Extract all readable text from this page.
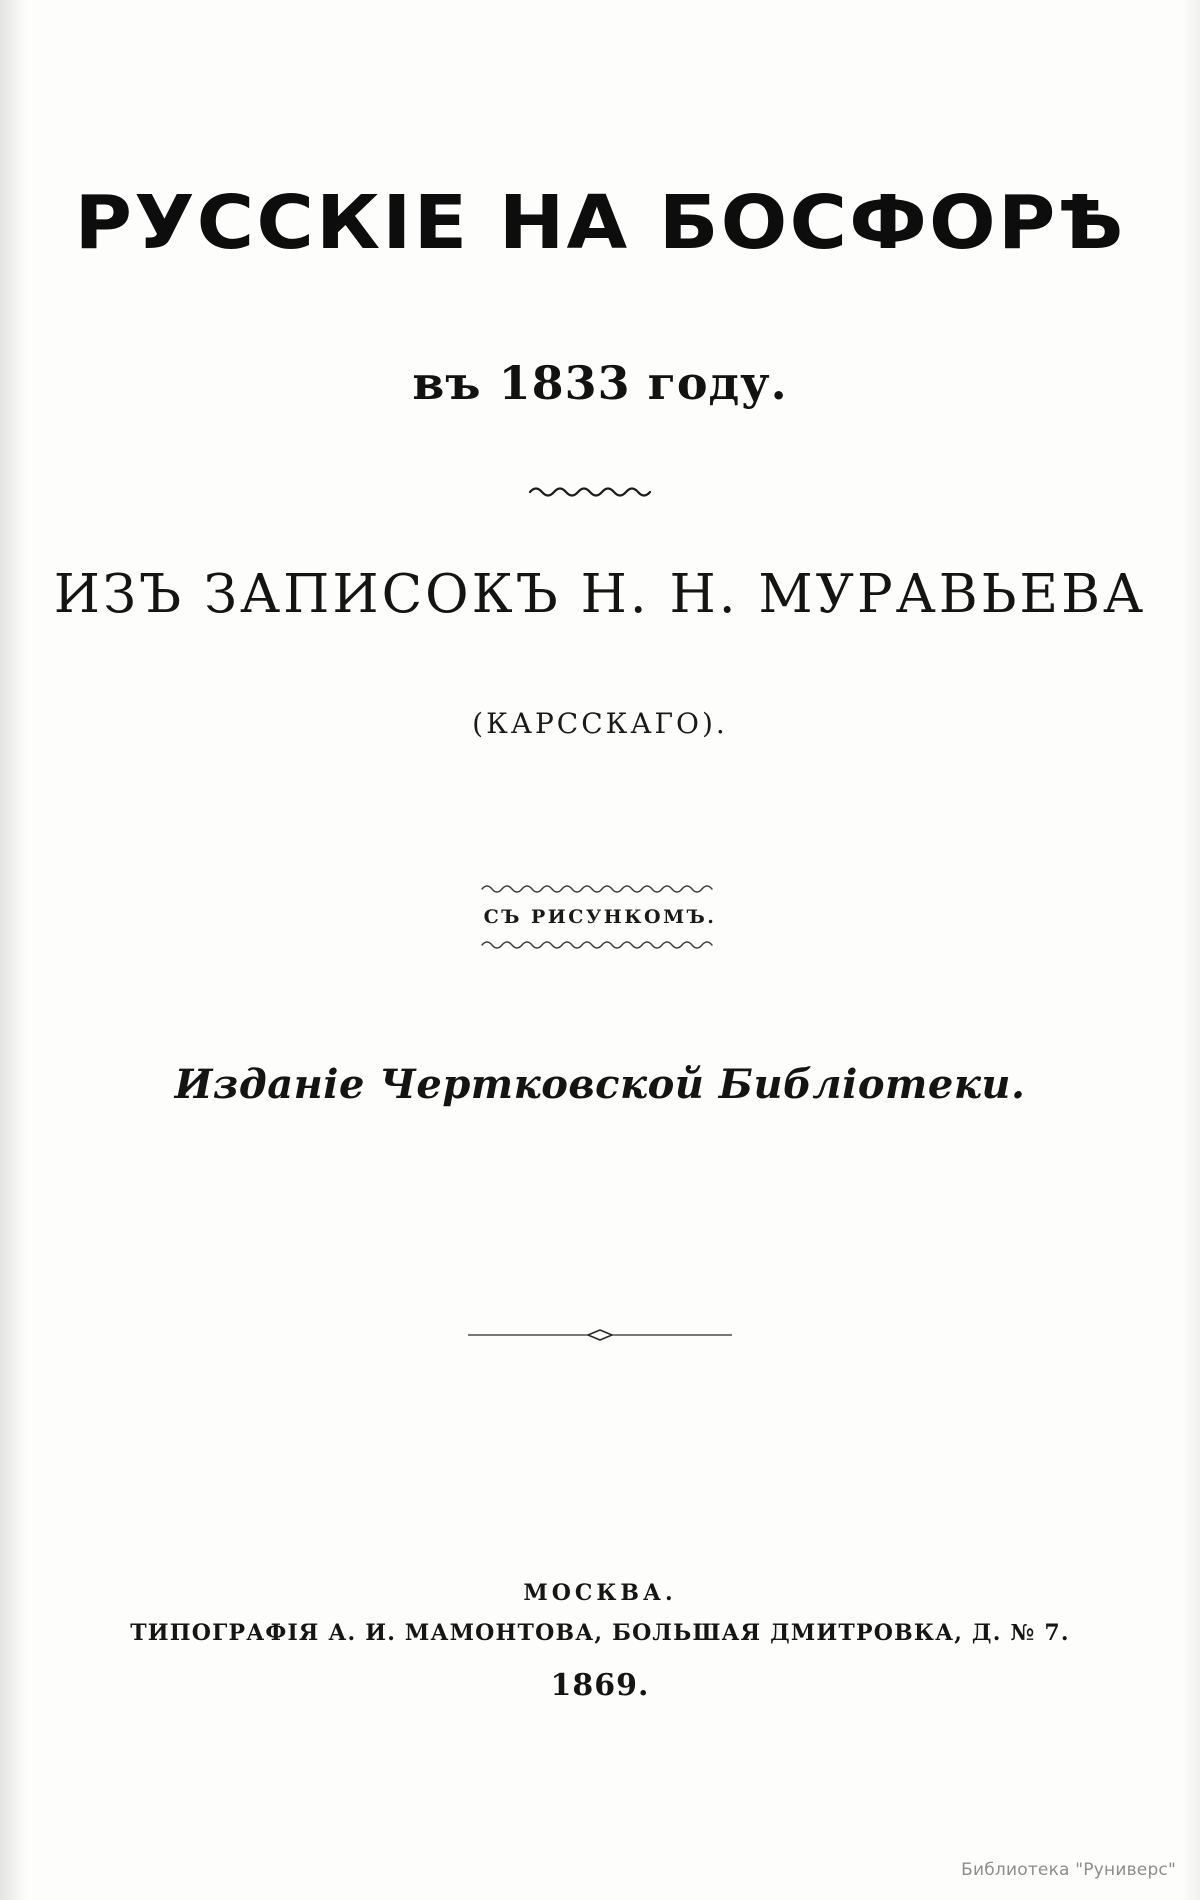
РУССКІЕ НА БОСФОРѢ
въ 1833 году.
ИЗЪ ЗАПИСОКЪ Н. Н. МУРАВЬЕВА
(КАРССКАГО).
СЪ РИСУНКОМЪ.
Изданіе Чертковской Библіотеки.
МОСКВА.
ТИПОГРАФІЯ А. И. МАМОНТОВА, БОЛЬШАЯ ДМИТРОВКА, Д. № 7.
1869.
Библиотека "Руниверс"
